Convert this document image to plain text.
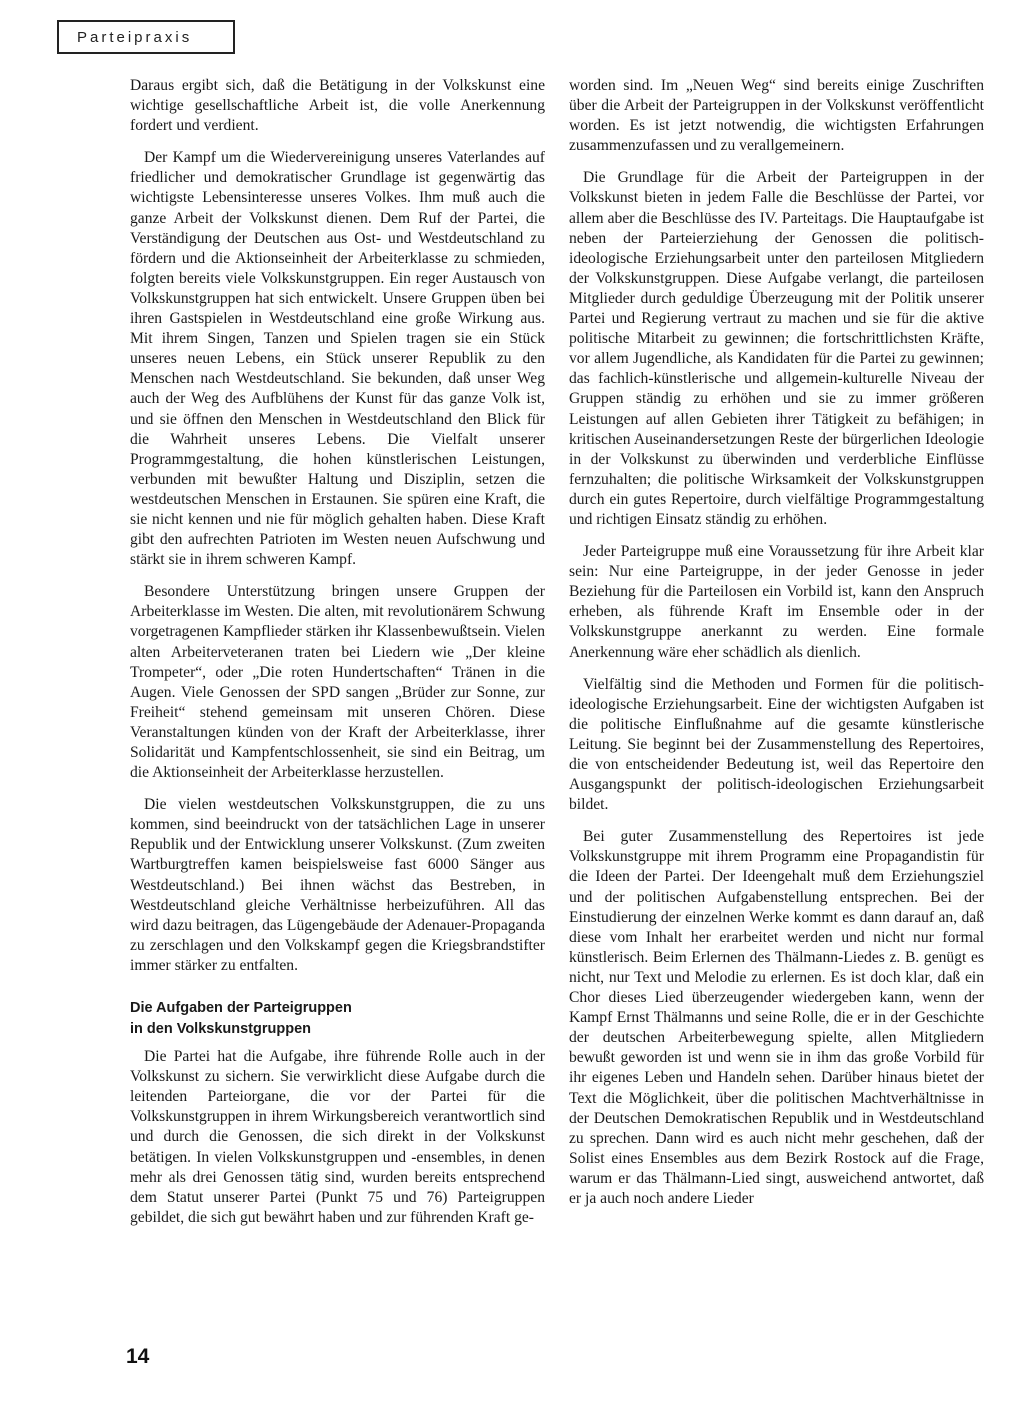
Parteipraxis

Daraus ergibt sich, daß die Betätigung in der Volkskunst eine wichtige gesellschaftliche Arbeit ist, die volle Anerkennung fordert und verdient.

Der Kampf um die Wiedervereinigung unseres Vaterlandes auf friedlicher und demokratischer Grundlage ist gegenwärtig das wichtigste Lebensinteresse unseres Volkes. Ihm muß auch die ganze Arbeit der Volkskunst dienen. Dem Ruf der Partei, die Verständigung der Deutschen aus Ost- und Westdeutschland zu fördern und die Aktionseinheit der Arbeiterklasse zu schmieden, folgten bereits viele Volkskunstgruppen. Ein reger Austausch von Volkskunstgruppen hat sich entwickelt. Unsere Gruppen üben bei ihren Gastspielen in Westdeutschland eine große Wirkung aus. Mit ihrem Singen, Tanzen und Spielen tragen sie ein Stück unseres neuen Lebens, ein Stück unserer Republik zu den Menschen nach Westdeutschland. Sie bekunden, daß unser Weg auch der Weg des Aufblühens der Kunst für das ganze Volk ist, und sie öffnen den Menschen in Westdeutschland den Blick für die Wahrheit unseres Lebens. Die Vielfalt unserer Programmgestaltung, die hohen künstlerischen Leistungen, verbunden mit bewußter Haltung und Disziplin, setzen die westdeutschen Menschen in Erstaunen. Sie spüren eine Kraft, die sie nicht kennen und nie für möglich gehalten haben. Diese Kraft gibt den aufrechten Patrioten im Westen neuen Aufschwung und stärkt sie in ihrem schweren Kampf.

Besondere Unterstützung bringen unsere Gruppen der Arbeiterklasse im Westen. Die alten, mit revolutionärem Schwung vorgetragenen Kampflieder stärken ihr Klassenbewußtsein. Vielen alten Arbeiterveteranen traten bei Liedern wie „Der kleine Trompeter“, oder „Die roten Hundertschaften“ Tränen in die Augen. Viele Genossen der SPD sangen „Brüder zur Sonne, zur Freiheit“ stehend gemeinsam mit unseren Chören. Diese Veranstaltungen künden von der Kraft der Arbeiterklasse, ihrer Solidarität und Kampfentschlossenheit, sie sind ein Beitrag, um die Aktionseinheit der Arbeiterklasse herzustellen.

Die vielen westdeutschen Volkskunstgruppen, die zu uns kommen, sind beeindruckt von der tatsächlichen Lage in unserer Republik und der Entwicklung unserer Volkskunst. (Zum zweiten Wartburgtreffen kamen beispielsweise fast 6000 Sänger aus Westdeutschland.) Bei ihnen wächst das Bestreben, in Westdeutschland gleiche Verhältnisse herbeizuführen. All das wird dazu beitragen, das Lügengebäude der Adenauer-Propaganda zu zerschlagen und den Volkskampf gegen die Kriegsbrandstifter immer stärker zu entfalten.

Die Aufgaben der Parteigruppen
in den Volkskunstgruppen

Die Partei hat die Aufgabe, ihre führende Rolle auch in der Volkskunst zu sichern. Sie verwirklicht diese Aufgabe durch die leitenden Parteiorgane, die vor der Partei für die Volkskunstgruppen in ihrem Wirkungsbereich verantwortlich sind und durch die Genossen, die sich direkt in der Volkskunst betätigen. In vielen Volkskunstgruppen und -ensembles, in denen mehr als drei Genossen tätig sind, wurden bereits entsprechend dem Statut unserer Partei (Punkt 75 und 76) Parteigruppen gebildet, die sich gut bewährt haben und zur führenden Kraft ge-

worden sind. Im „Neuen Weg“ sind bereits einige Zuschriften über die Arbeit der Parteigruppen in der Volkskunst veröffentlicht worden. Es ist jetzt notwendig, die wichtigsten Erfahrungen zusammenzufassen und zu verallgemeinern.

Die Grundlage für die Arbeit der Parteigruppen in der Volkskunst bieten in jedem Falle die Beschlüsse der Partei, vor allem aber die Beschlüsse des IV. Parteitags. Die Hauptaufgabe ist neben der Parteierziehung der Genossen die politisch-ideologische Erziehungsarbeit unter den parteilosen Mitgliedern der Volkskunstgruppen. Diese Aufgabe verlangt, die parteilosen Mitglieder durch geduldige Überzeugung mit der Politik unserer Partei und Regierung vertraut zu machen und sie für die aktive politische Mitarbeit zu gewinnen; die fortschrittlichsten Kräfte, vor allem Jugendliche, als Kandidaten für die Partei zu gewinnen; das fachlich-künstlerische und allgemein-kulturelle Niveau der Gruppen ständig zu erhöhen und sie zu immer größeren Leistungen auf allen Gebieten ihrer Tätigkeit zu befähigen; in kritischen Auseinandersetzungen Reste der bürgerlichen Ideologie in der Volkskunst zu überwinden und verderbliche Einflüsse fernzuhalten; die politische Wirksamkeit der Volkskunstgruppen durch ein gutes Repertoire, durch vielfältige Programmgestaltung und richtigen Einsatz ständig zu erhöhen.

Jeder Parteigruppe muß eine Voraussetzung für ihre Arbeit klar sein: Nur eine Parteigruppe, in der jeder Genosse in jeder Beziehung für die Parteilosen ein Vorbild ist, kann den Anspruch erheben, als führende Kraft im Ensemble oder in der Volkskunstgruppe anerkannt zu werden. Eine formale Anerkennung wäre eher schädlich als dienlich.

Vielfältig sind die Methoden und Formen für die politisch-ideologische Erziehungsarbeit. Eine der wichtigsten Aufgaben ist die politische Einflußnahme auf die gesamte künstlerische Leitung. Sie beginnt bei der Zusammenstellung des Repertoires, die von entscheidender Bedeutung ist, weil das Repertoire den Ausgangspunkt der politisch-ideologischen Erziehungsarbeit bildet.

Bei guter Zusammenstellung des Repertoires ist jede Volkskunstgruppe mit ihrem Programm eine Propagandistin für die Ideen der Partei. Der Ideengehalt muß dem Erziehungsziel und der politischen Aufgabenstellung entsprechen. Bei der Einstudierung der einzelnen Werke kommt es dann darauf an, daß diese vom Inhalt her erarbeitet werden und nicht nur formal künstlerisch. Beim Erlernen des Thälmann-Liedes z. B. genügt es nicht, nur Text und Melodie zu erlernen. Es ist doch klar, daß ein Chor dieses Lied überzeugender wiedergeben kann, wenn der Kampf Ernst Thälmanns und seine Rolle, die er in der Geschichte der deutschen Arbeiterbewegung spielte, allen Mitgliedern bewußt geworden ist und wenn sie in ihm das große Vorbild für ihr eigenes Leben und Handeln sehen. Darüber hinaus bietet der Text die Möglichkeit, über die politischen Machtverhältnisse in der Deutschen Demokratischen Republik und in Westdeutschland zu sprechen. Dann wird es auch nicht mehr geschehen, daß der Solist eines Ensembles aus dem Bezirk Rostock auf die Frage, warum er das Thälmann-Lied singt, ausweichend antwortet, daß er ja auch noch andere Lieder

14
